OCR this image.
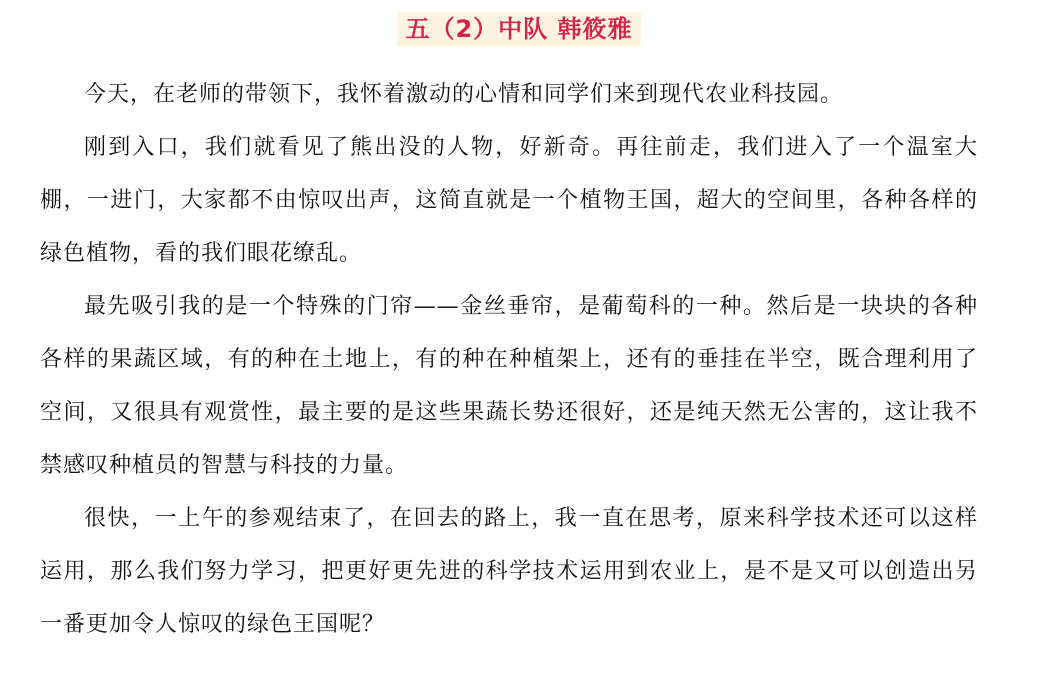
五（2）中队 韩筱雅

今天，在老师的带领下，我怀着激动的心情和同学们来到现代农业科技园。

刚到入口，我们就看见了熊出没的人物，好新奇。再往前走，我们进入了一个温室大棚，一进门，大家都不由惊叹出声，这简直就是一个植物王国，超大的空间里，各种各样的绿色植物，看的我们眼花缭乱。

最先吸引我的是一个特殊的门帘——金丝垂帘，是葡萄科的一种。然后是一块块的各种各样的果蔬区域，有的种在土地上，有的种在种植架上，还有的垂挂在半空，既合理利用了空间，又很具有观赏性，最主要的是这些果蔬长势还很好，还是纯天然无公害的，这让我不禁感叹种植员的智慧与科技的力量。

很快，一上午的参观结束了，在回去的路上，我一直在思考，原来科学技术还可以这样运用，那么我们努力学习，把更好更先进的科学技术运用到农业上，是不是又可以创造出另一番更加令人惊叹的绿色王国呢？
